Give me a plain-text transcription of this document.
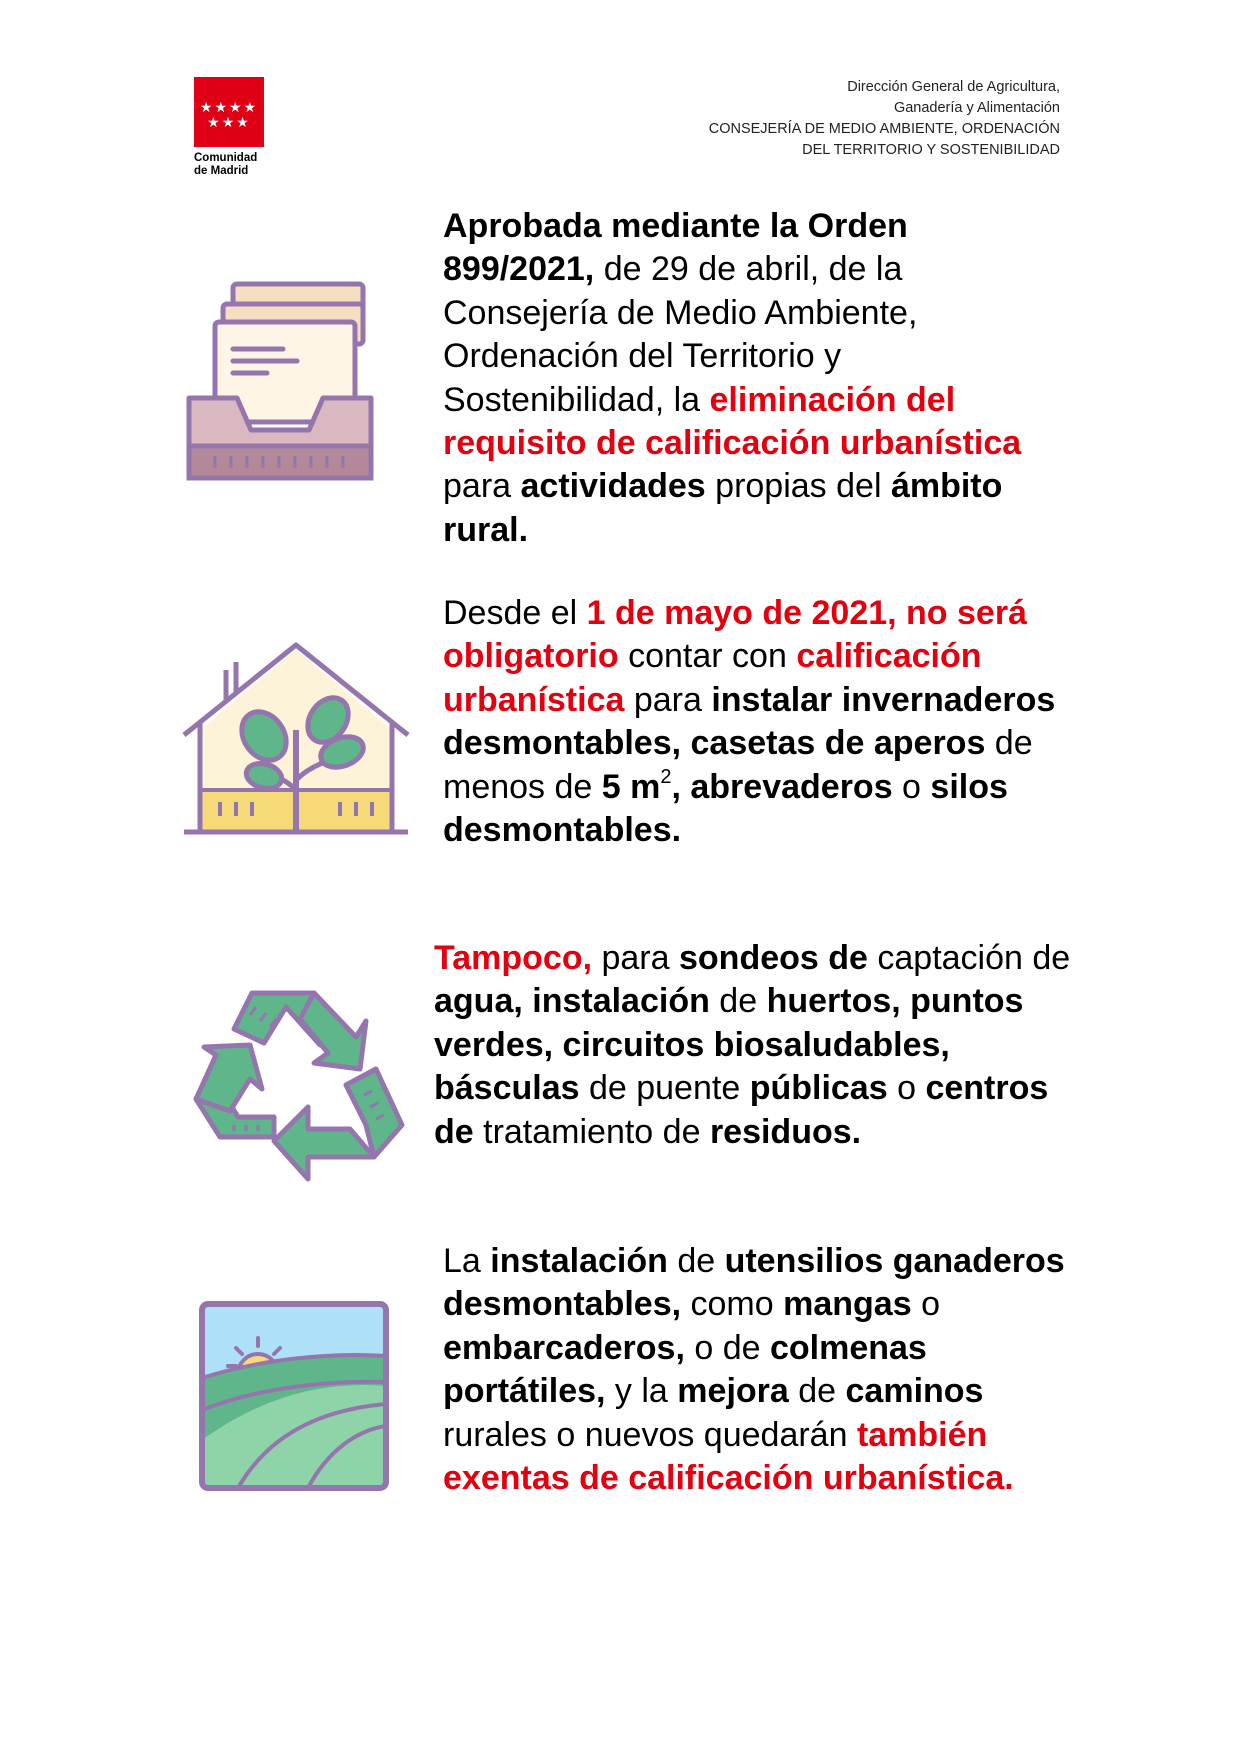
★★★★
★★★
Comunidad
de Madrid
Dirección General de Agricultura,
Ganadería y Alimentación
CONSEJERÍA DE MEDIO AMBIENTE, ORDENACIÓN
DEL TERRITORIO Y SOSTENIBILIDAD
Aprobada mediante la Orden 899/2021, de 29 de abril, de la Consejería de Medio Ambiente, Ordenación del Territorio y Sostenibilidad, la eliminación del requisito de calificación urbanística para actividades propias del ámbito rural.
Desde el 1 de mayo de 2021, no será obligatorio contar con calificación urbanística para instalar invernaderos desmontables, casetas de aperos de menos de 5 $m^2$, abrevaderos o silos desmontables.
Tampoco, para sondeos de captación de agua, instalación de huertos, puntos verdes, circuitos biosaludables, básculas de puente públicas o centros de tratamiento de residuos.
La instalación de utensilios ganaderos desmontables, como mangas o embarcaderos, o de colmenas portátiles, y la mejora de caminos rurales o nuevos quedarán también exentas de calificación urbanística.
